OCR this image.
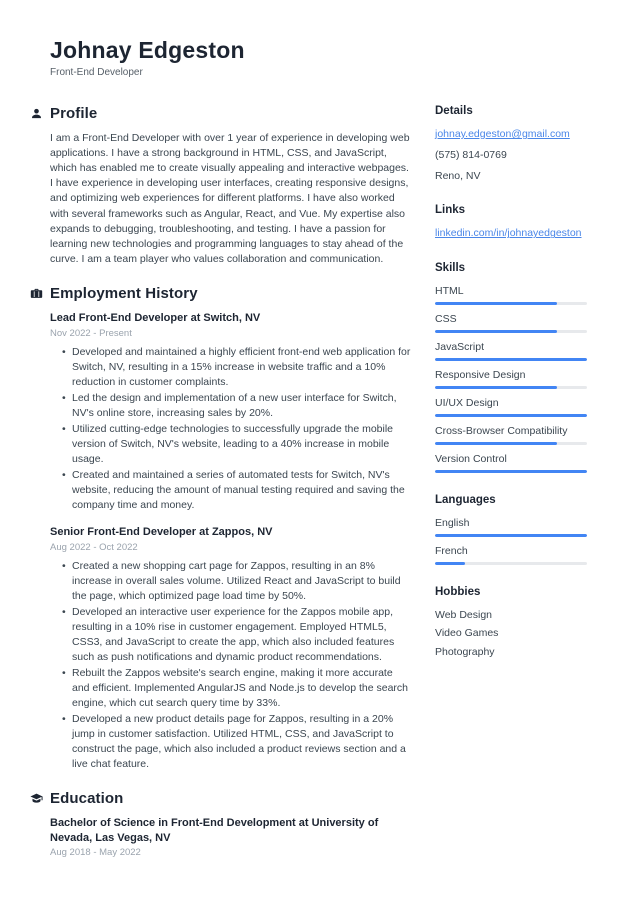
Johnay Edgeston
Front-End Developer
Profile

I am a Front-End Developer with over 1 year of experience in developing web applications. I have a strong background in HTML, CSS, and JavaScript, which has enabled me to create visually appealing and interactive webpages. I have experience in developing user interfaces, creating responsive designs, and optimizing web experiences for different platforms. I have also worked with several frameworks such as Angular, React, and Vue. My expertise also expands to debugging, troubleshooting, and testing. I have a passion for learning new technologies and programming languages to stay ahead of the curve. I am a team player who values collaboration and communication.

Employment History
Lead Front-End Developer at Switch, NV
Nov 2022 - Present
• Developed and maintained a highly efficient front-end web application for Switch, NV, resulting in a 15% increase in website traffic and a 10% reduction in customer complaints.
• Led the design and implementation of a new user interface for Switch, NV's online store, increasing sales by 20%.
• Utilized cutting-edge technologies to successfully upgrade the mobile version of Switch, NV's website, leading to a 40% increase in mobile usage.
• Created and maintained a series of automated tests for Switch, NV's website, reducing the amount of manual testing required and saving the company time and money.
Senior Front-End Developer at Zappos, NV
Aug 2022 - Oct 2022
• Created a new shopping cart page for Zappos, resulting in an 8% increase in overall sales volume. Utilized React and JavaScript to build the page, which optimized page load time by 50%.
• Developed an interactive user experience for the Zappos mobile app, resulting in a 10% rise in customer engagement. Employed HTML5, CSS3, and JavaScript to create the app, which also included features such as push notifications and dynamic product recommendations.
• Rebuilt the Zappos website's search engine, making it more accurate and efficient. Implemented AngularJS and Node.js to develop the search engine, which cut search query time by 33%.
• Developed a new product details page for Zappos, resulting in a 20% jump in customer satisfaction. Utilized HTML, CSS, and JavaScript to construct the page, which also included a product reviews section and a live chat feature.
Education
Bachelor of Science in Front-End Development at University of Nevada, Las Vegas, NV
Aug 2018 - May 2022
Details
johnay.edgeston@gmail.com
(575) 814-0769
Reno, NV
Links
linkedin.com/in/johnayedgeston
Skills
HTML
CSS
JavaScript
Responsive Design
UI/UX Design
Cross-Browser Compatibility
Version Control
Languages
English
French
Hobbies
Web Design
Video Games
Photography
